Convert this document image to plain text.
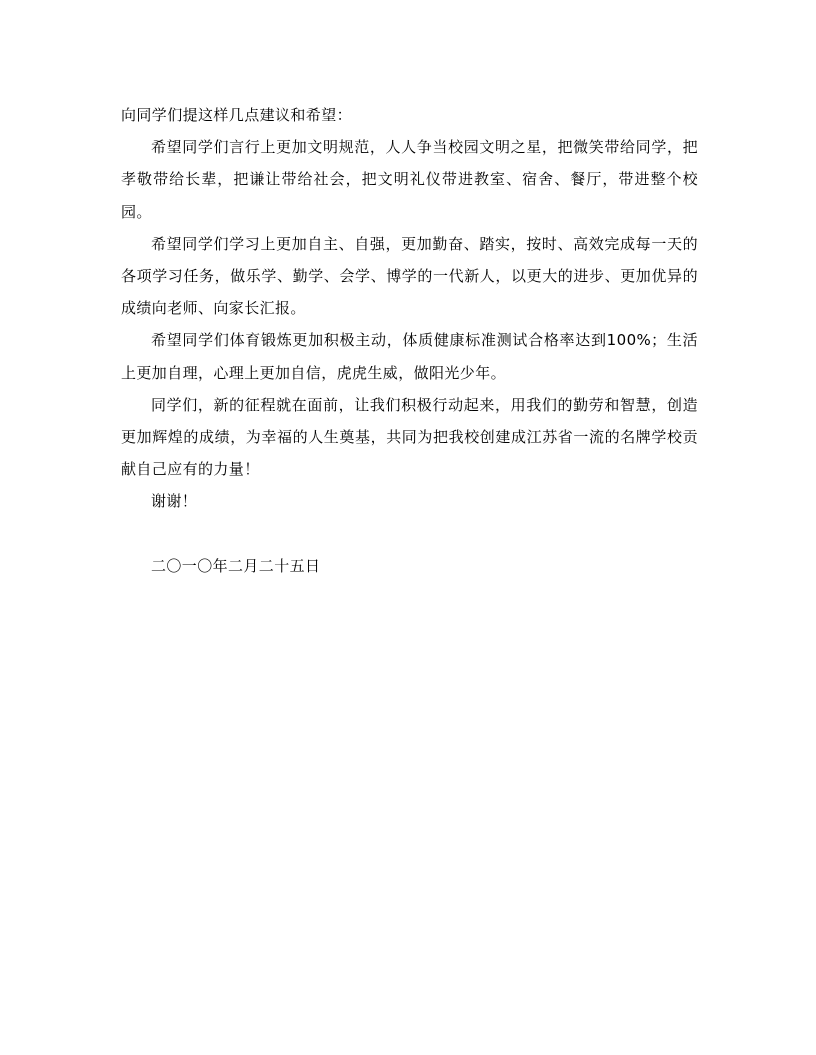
向同学们提这样几点建议和希望：

希望同学们言行上更加文明规范，人人争当校园文明之星，把微笑带给同学，把孝敬带给长辈，把谦让带给社会，把文明礼仪带进教室、宿舍、餐厅，带进整个校园。

希望同学们学习上更加自主、自强，更加勤奋、踏实，按时、高效完成每一天的各项学习任务，做乐学、勤学、会学、博学的一代新人，以更大的进步、更加优异的成绩向老师、向家长汇报。

希望同学们体育锻炼更加积极主动，体质健康标准测试合格率达到100%；生活上更加自理，心理上更加自信，虎虎生威，做阳光少年。

同学们，新的征程就在面前，让我们积极行动起来，用我们的勤劳和智慧，创造更加辉煌的成绩，为幸福的人生奠基，共同为把我校创建成江苏省一流的名牌学校贡献自己应有的力量！

谢谢！

二〇一〇年二月二十五日
